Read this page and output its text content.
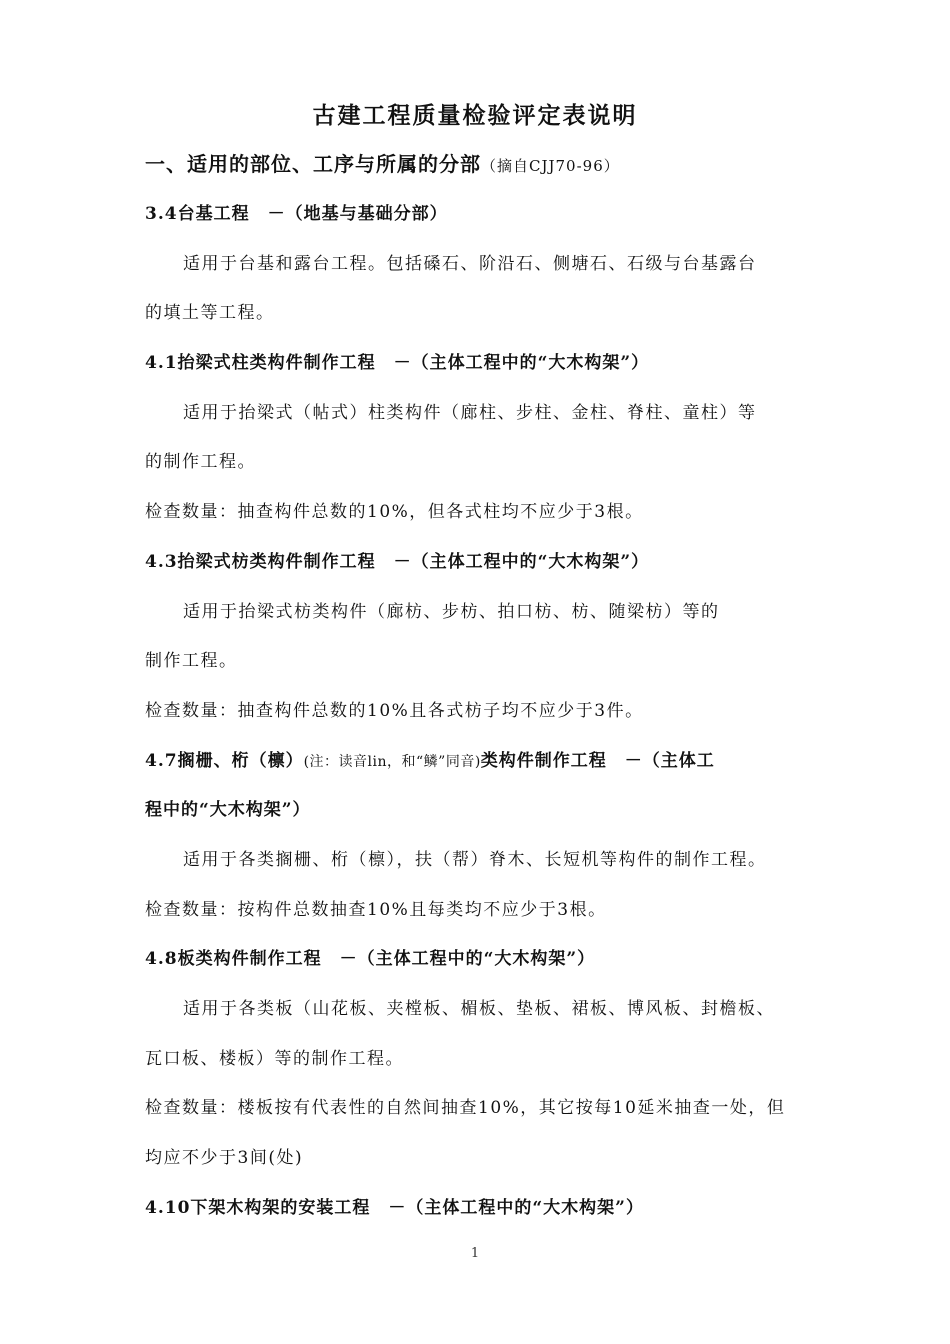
古建工程质量检验评定表说明
一、适用的部位、工序与所属的分部（摘自CJJ70-96）
3.4台基工程　－（地基与基础分部）
适用于台基和露台工程。包括磉石、阶沿石、侧塘石、石级与台基露台
的填土等工程。
4.1抬梁式柱类构件制作工程　－（主体工程中的“大木构架”）
适用于抬梁式（帖式）柱类构件（廊柱、步柱、金柱、脊柱、童柱）等
的制作工程。
检查数量：抽查构件总数的10%，但各式柱均不应少于3根。
4.3抬梁式枋类构件制作工程　－（主体工程中的“大木构架”）
适用于抬梁式枋类构件（廊枋、步枋、拍口枋、枋、随梁枋）等的
制作工程。
检查数量：抽查构件总数的10%且各式枋子均不应少于3件。
4.7搁栅、桁（檩）(注：读音lin，和“鳞”同音)类构件制作工程　－（主体工
程中的“大木构架”）
适用于各类搁栅、桁（檩），扶（帮）脊木、长短机等构件的制作工程。
检查数量：按构件总数抽查10%且每类均不应少于3根。
4.8板类构件制作工程　－（主体工程中的“大木构架”）
适用于各类板（山花板、夹樘板、楣板、垫板、裙板、博风板、封檐板、
瓦口板、楼板）等的制作工程。
检查数量：楼板按有代表性的自然间抽查10%，其它按每10延米抽查一处，但
均应不少于3间(处)
4.10下架木构架的安装工程　－（主体工程中的“大木构架”）
1
